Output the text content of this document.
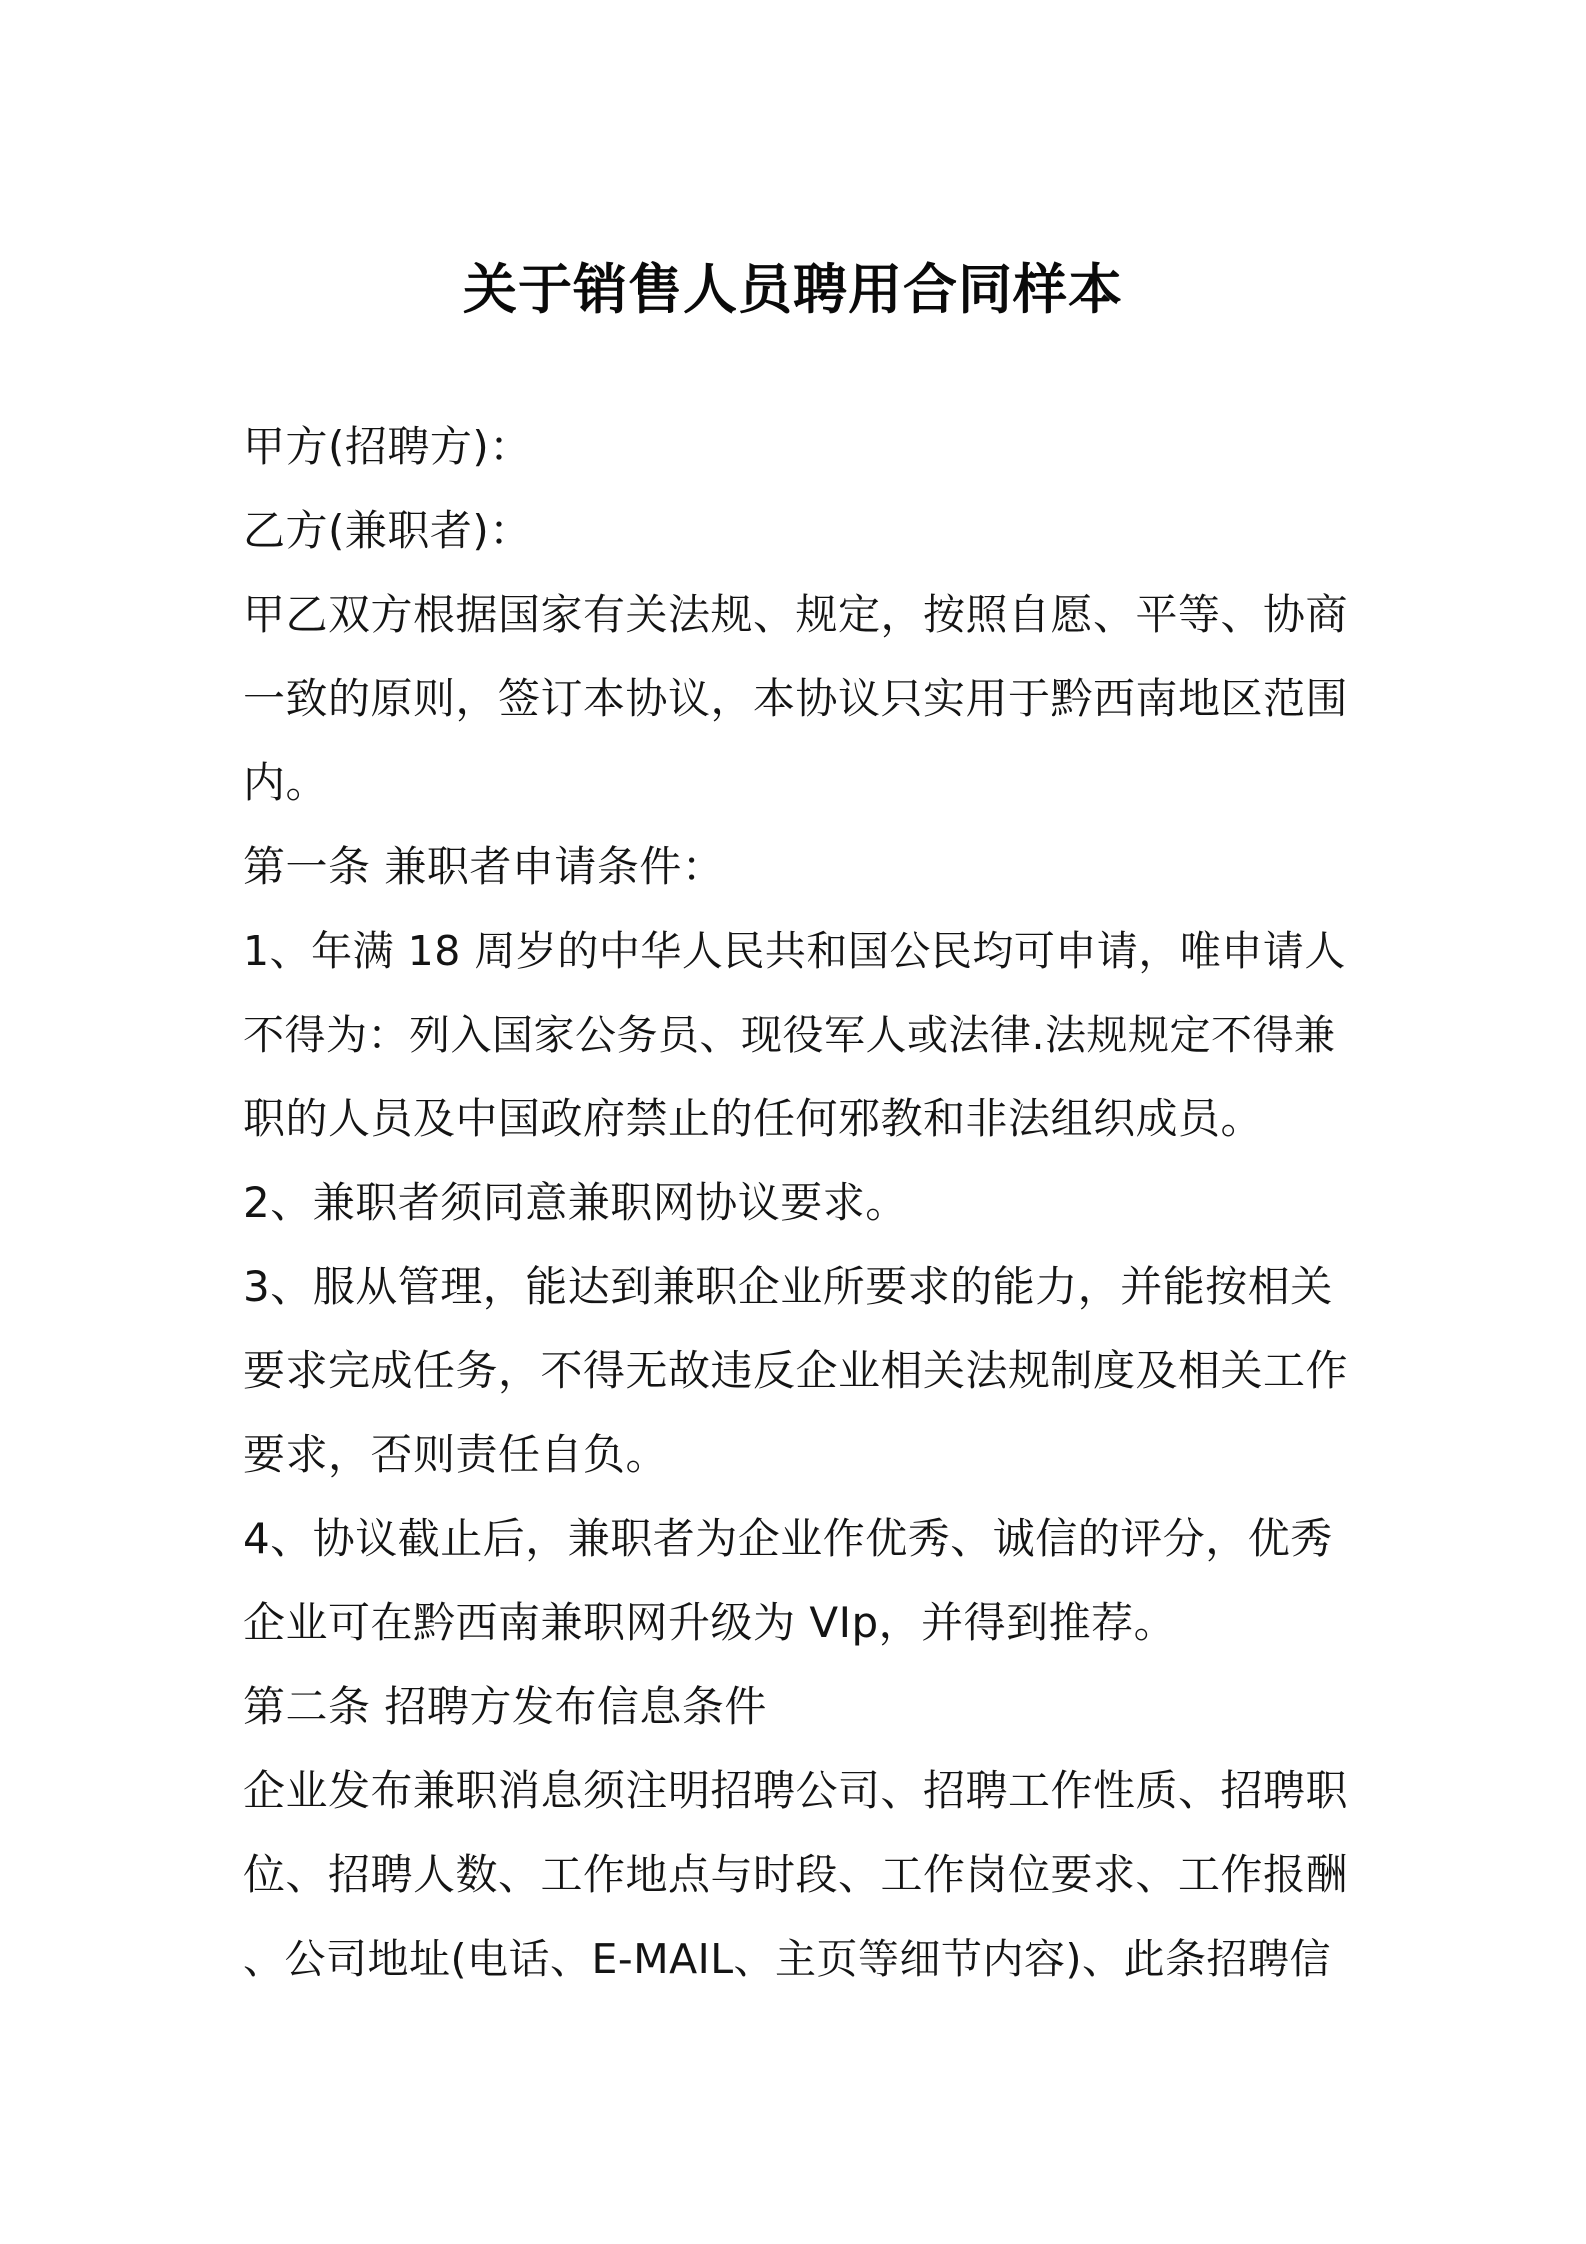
关于销售人员聘用合同样本
甲方(招聘方)：
乙方(兼职者)：
甲乙双方根据国家有关法规、规定，按照自愿、平等、协商
一致的原则，签订本协议，本协议只实用于黔西南地区范围
内。
第一条 兼职者申请条件：
1、年满 18 周岁的中华人民共和国公民均可申请，唯申请人
不得为：列入国家公务员、现役军人或法律.法规规定不得兼
职的人员及中国政府禁止的任何邪教和非法组织成员。
2、兼职者须同意兼职网协议要求。
3、服从管理，能达到兼职企业所要求的能力，并能按相关
要求完成任务，不得无故违反企业相关法规制度及相关工作
要求，否则责任自负。
4、协议截止后，兼职者为企业作优秀、诚信的评分，优秀
企业可在黔西南兼职网升级为 VIp，并得到推荐。
第二条 招聘方发布信息条件
企业发布兼职消息须注明招聘公司、招聘工作性质、招聘职
位、招聘人数、工作地点与时段、工作岗位要求、工作报酬
、公司地址(电话、E-MAIL、主页等细节内容)、此条招聘信
